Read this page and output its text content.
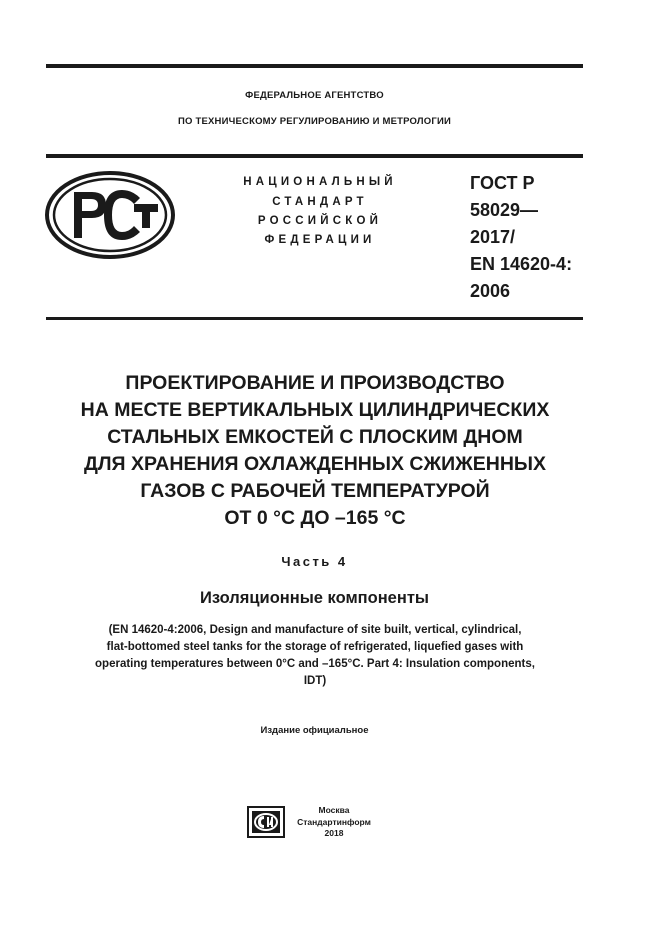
ФЕДЕРАЛЬНОЕ АГЕНТСТВО
ПО ТЕХНИЧЕСКОМУ РЕГУЛИРОВАНИЮ И МЕТРОЛОГИИ
НАЦИОНАЛЬНЫЙ
СТАНДАРТ
РОССИЙСКОЙ
ФЕДЕРАЦИИ
ГОСТ Р
58029—
2017/
EN 14620-4:
2006
ПРОЕКТИРОВАНИЕ И ПРОИЗВОДСТВО
НА МЕСТЕ ВЕРТИКАЛЬНЫХ ЦИЛИНДРИЧЕСКИХ
СТАЛЬНЫХ ЕМКОСТЕЙ С ПЛОСКИМ ДНОМ
ДЛЯ ХРАНЕНИЯ ОХЛАЖДЕННЫХ СЖИЖЕННЫХ
ГАЗОВ С РАБОЧЕЙ ТЕМПЕРАТУРОЙ
ОТ 0 °С ДО –165 °С
Часть 4
Изоляционные компоненты
(EN 14620-4:2006, Design and manufacture of site built, vertical, cylindrical,
flat-bottomed steel tanks for the storage of refrigerated, liquefied gases with
operating temperatures between 0°С and –165°С. Part 4: Insulation components,
IDT)
Издание официальное
Москва
Стандартинформ
2018
